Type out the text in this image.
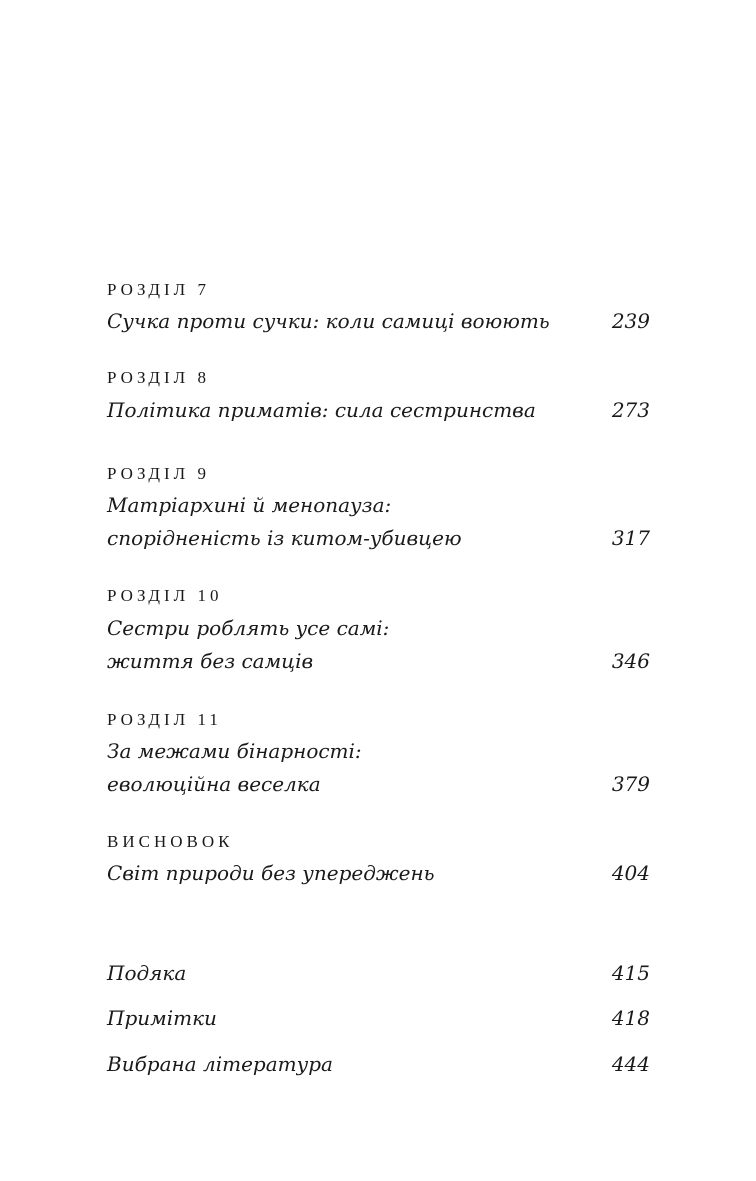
РОЗДІЛ 7
Сучка проти сучки: коли самиці воюють	239
РОЗДІЛ 8
Політика приматів: сила сестринства	273
РОЗДІЛ 9
Матріархині й менопауза:
спорідненість із китом-убивцею	317
РОЗДІЛ 10
Сестри роблять усе самі:
життя без самців	346
РОЗДІЛ 11
За межами бінарності:
еволюційна веселка	379
ВИСНОВОК
Світ природи без упереджень	404
Подяка	415
Примітки	418
Вибрана література	444
